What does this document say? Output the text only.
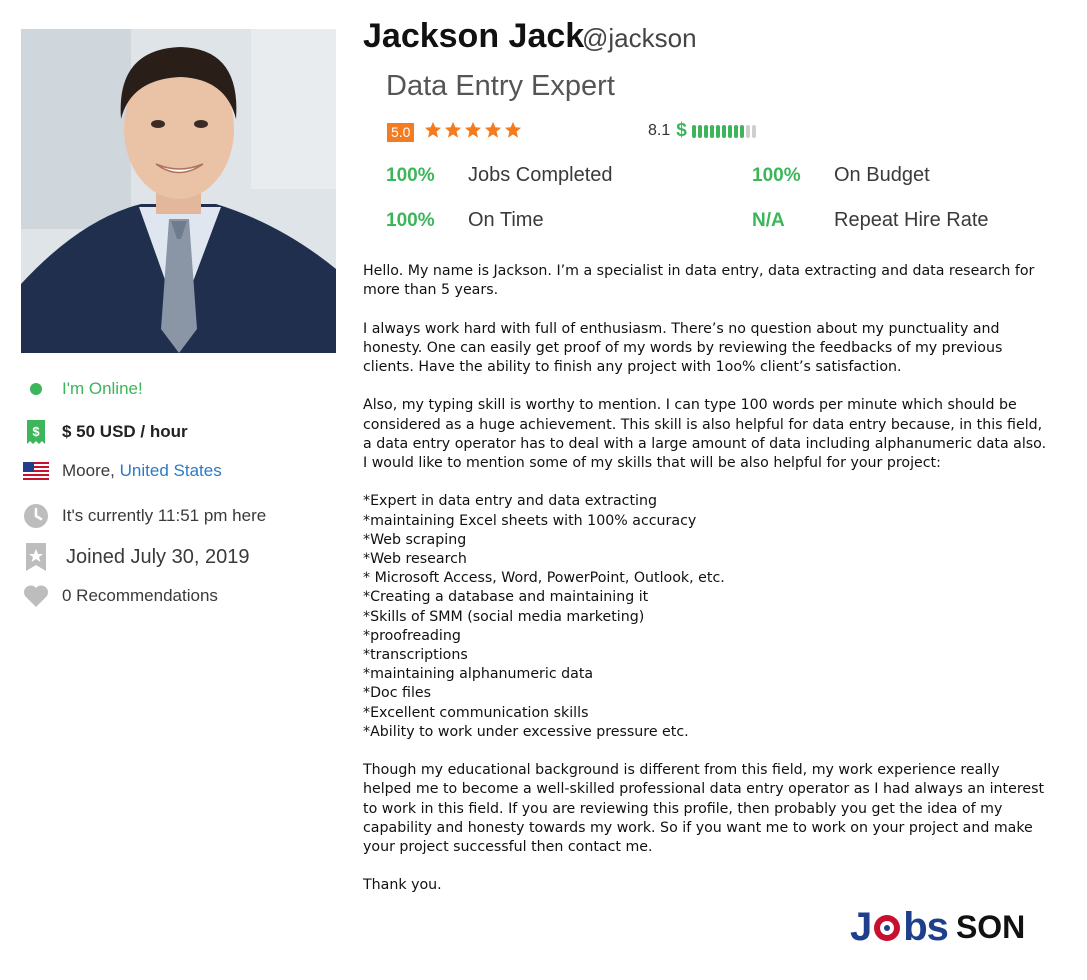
I'm Online!
$ $ 50 USD / hour
Moore, United States
It's currently 11:51 pm here
Joined July 30, 2019
0 Recommendations
Jackson Jack
@jackson
Data Entry Expert
5.0	8.1 $
100% Jobs Completed	100% On Budget
100% On Time	N/A Repeat Hire Rate

Hello. My name is Jackson. I’m a specialist in data entry, data extracting and data research for more than 5 years.

I always work hard with full of enthusiasm. There’s no question about my punctuality and honesty. One can easily get proof of my words by reviewing the feedbacks of my previous clients. Have the ability to finish any project with 1oo% client’s satisfaction.

Also, my typing skill is worthy to mention. I can type 100 words per minute which should be considered as a huge achievement. This skill is also helpful for data entry because, in this field, a data entry operator has to deal with a large amount of data including alphanumeric data also.

I would like to mention some of my skills that will be also helpful for your project:

*Expert in data entry and data extracting
*maintaining Excel sheets with 100% accuracy
*Web scraping
*Web research
* Microsoft Access, Word, PowerPoint, Outlook, etc.
*Creating a database and maintaining it
*Skills of SMM (social media marketing)
*proofreading
*transcriptions
*maintaining alphanumeric data
*Doc files
*Excellent communication skills
*Ability to work under excessive pressure etc.

Though my educational background is different from this field, my work experience really helped me to become a well-skilled professional data entry operator as I had always an interest to work in this field. If you are reviewing this profile, then probably you get the idea of my capability and honesty towards my work. So if you want me to work on your project and make your project successful then contact me.

Thank you.

J bs SON
